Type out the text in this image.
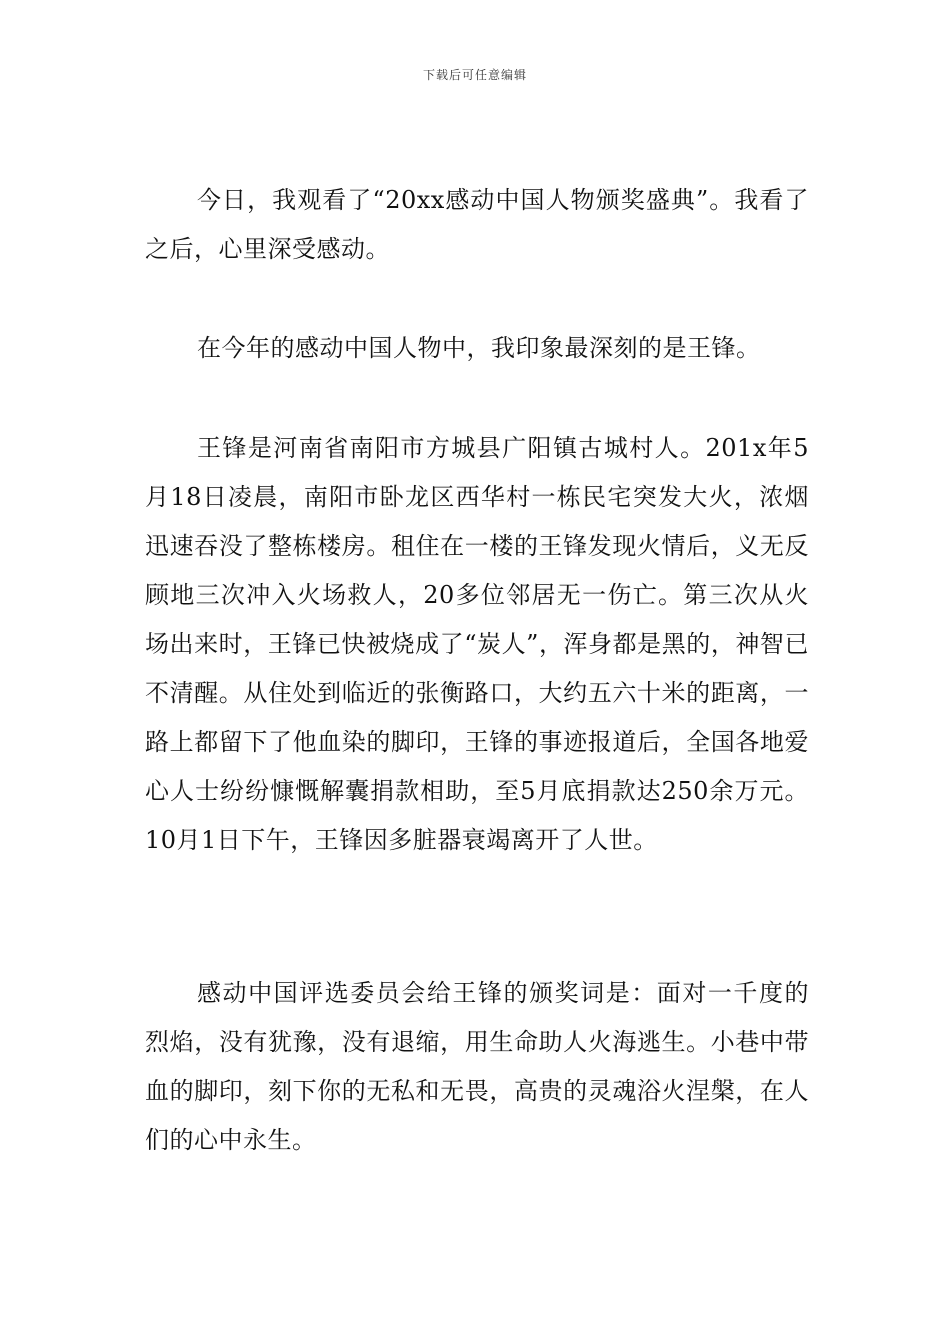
下载后可任意编辑

今日，我观看了“20xx感动中国人物颁奖盛典”。我看了之后，心里深受感动。

在今年的感动中国人物中，我印象最深刻的是王锋。

王锋是河南省南阳市方城县广阳镇古城村人。201x年5月18日凌晨，南阳市卧龙区西华村一栋民宅突发大火，浓烟迅速吞没了整栋楼房。租住在一楼的王锋发现火情后，义无反顾地三次冲入火场救人，20多位邻居无一伤亡。第三次从火场出来时，王锋已快被烧成了“炭人”，浑身都是黑的，神智已不清醒。从住处到临近的张衡路口，大约五六十米的距离，一路上都留下了他血染的脚印，王锋的事迹报道后，全国各地爱心人士纷纷慷慨解囊捐款相助，至5月底捐款达250余万元。10月1日下午，王锋因多脏器衰竭离开了人世。

感动中国评选委员会给王锋的颁奖词是：面对一千度的烈焰，没有犹豫，没有退缩，用生命助人火海逃生。小巷中带血的脚印，刻下你的无私和无畏，高贵的灵魂浴火涅槃，在人们的心中永生。
